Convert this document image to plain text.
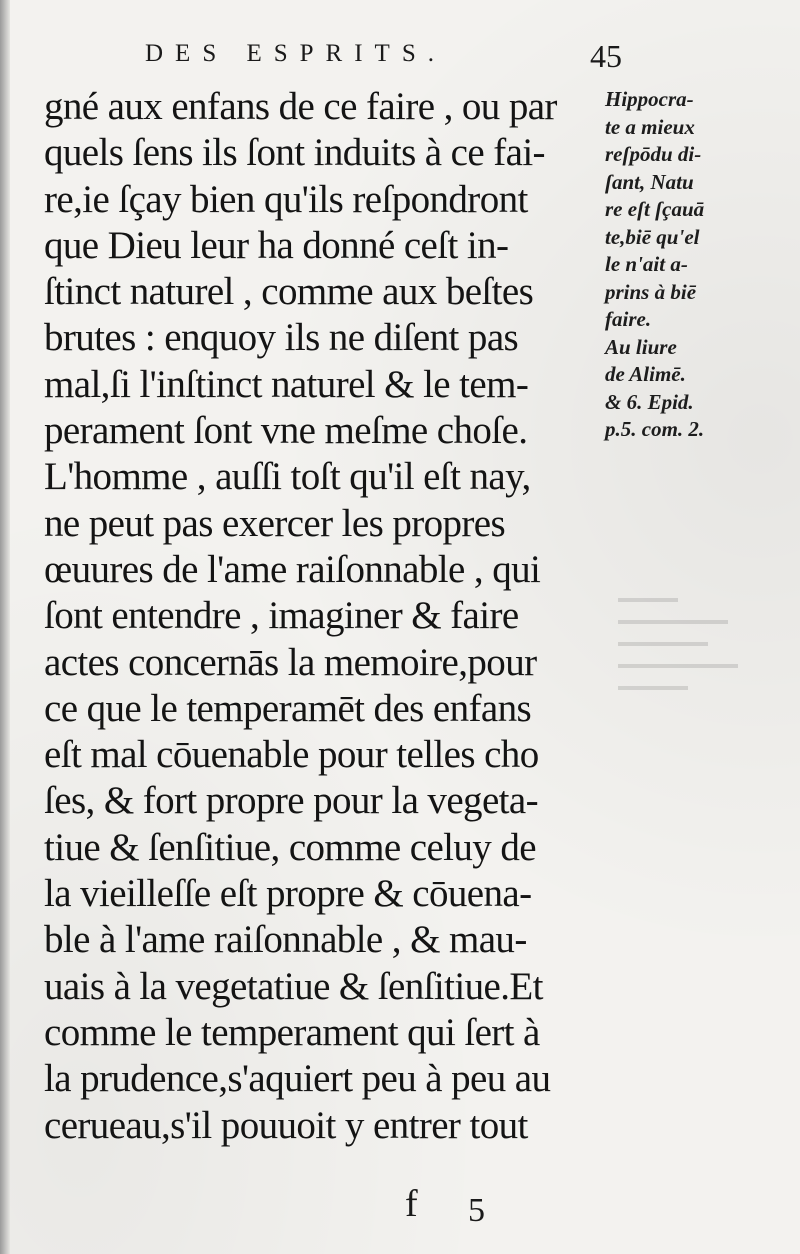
DES ESPRITS.	45
gné aux enfans de ce faire , ou par
quels ſens ils ſont induits à ce fai-
re,ie ſçay bien qu'ils reſpondront
que Dieu leur ha donné ceſt in-
ſtinct naturel , comme aux beſtes
brutes : enquoy ils ne diſent pas
mal,ſi l'inſtinct naturel & le tem-
perament ſont vne meſme choſe.
L'homme , auſſi toſt qu'il eſt nay,
ne peut pas exercer les propres
œuures de l'ame raiſonnable , qui
ſont entendre , imaginer & faire
actes concernās la memoire,pour
ce que le temperamēt des enfans
eſt mal cōuenable pour telles cho
ſes, & fort propre pour la vegeta-
tiue & ſenſitiue, comme celuy de
la vieilleſſe eſt propre & cōuena-
ble à l'ame raiſonnable , & mau-
uais à la vegetatiue & ſenſitiue.Et
comme le temperament qui ſert à
la prudence,s'aquiert peu à peu au
cerueau,s'il pouuoit y entrer tout
Hippocra-
te a mieux
reſpōdu di-
ſant, Natu
re eſt ſçauā
te,biē qu'el
le n'ait a-
prins à biē
faire.
Au liure
de Alimē.
& 6. Epid.
p.5. com. 2.
f 5
